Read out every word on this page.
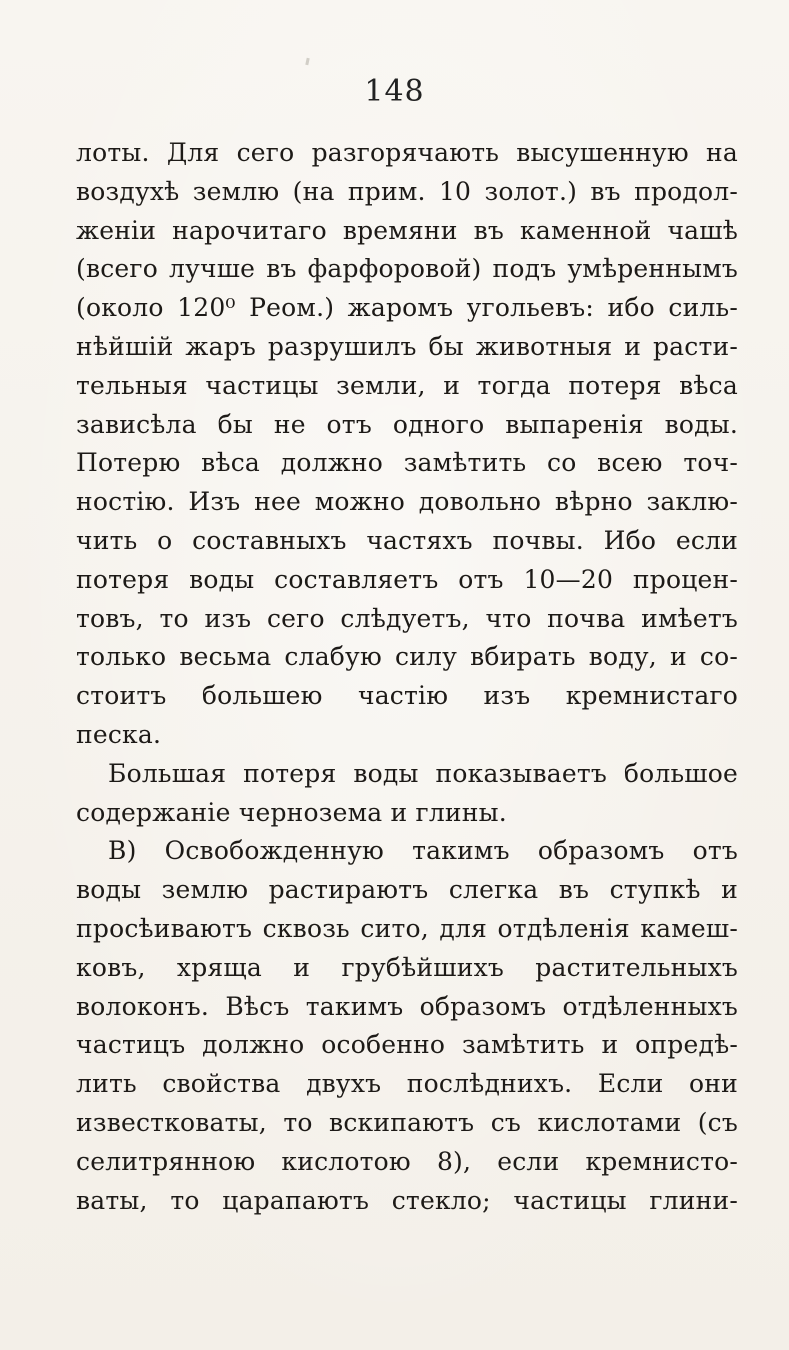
148
лоты. Для сего разгорячають высушенную на
воздухѣ землю (на прим. 10 золот.) въ продол-
женіи нарочитаго времяни въ каменной чашѣ
(всего лучше въ фарфоровой) подъ умѣреннымъ
(около 120⁰ Реом.) жаромъ угольевъ: ибо силь-
нѣйшій жаръ разрушилъ бы животныя и расти-
тельныя частицы земли, и тогда потеря вѣса
зависѣла бы не отъ одного выпаренія воды.
Потерю вѣса должно замѣтить со всею точ-
ностію. Изъ нее можно довольно вѣрно заклю-
чить о составныхъ частяхъ почвы. Ибо если
потеря воды составляетъ отъ 10—20 процен-
товъ, то изъ сего слѣдуетъ, что почва имѣетъ
только весьма слабую силу вбирать воду, и со-
стоитъ большею частію изъ кремнистаго
песка.
Большая потеря воды показываетъ большое
содержаніе чернозема и глины.
В) Освобожденную такимъ образомъ отъ
воды землю растираютъ слегка въ ступкѣ и
просѣиваютъ сквозь сито, для отдѣленія камеш-
ковъ, хряща и грубѣйшихъ растительныхъ
волоконъ. Вѣсъ такимъ образомъ отдѣленныхъ
частицъ должно особенно замѣтить и опредѣ-
лить свойства двухъ послѣднихъ. Если они
известковаты, то вскипаютъ съ кислотами (съ
селитрянною кислотою 8), если кремнисто-
ваты, то царапаютъ стекло; частицы глини-
